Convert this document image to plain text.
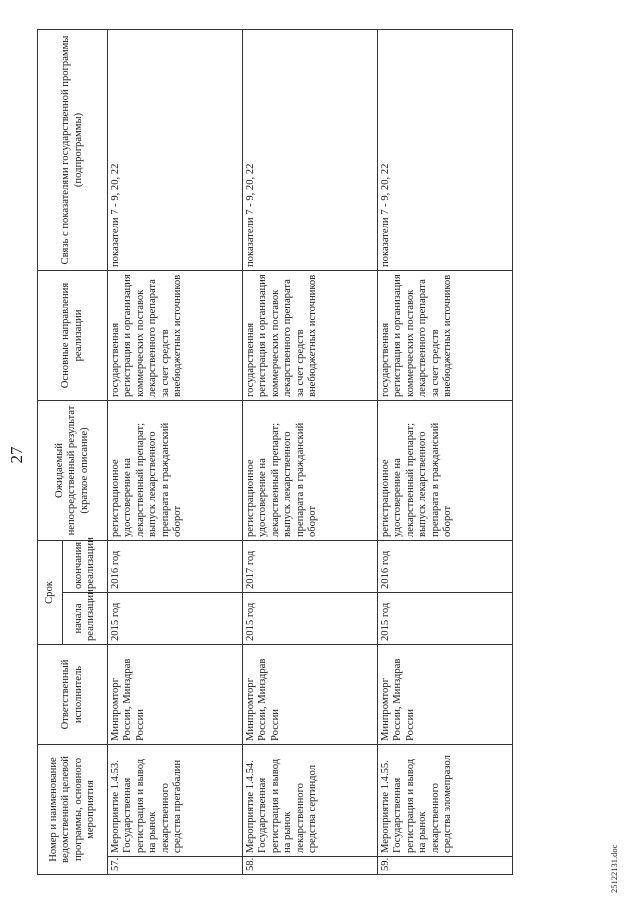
27
Номер и наименование ведомственной целевой программы, основного мероприятия		Ответственный исполнитель	Срок		Ожидаемый непосредственный результат (краткое описание)	Основные направления реализации	Связь с показателями государственной программы (подпрограммы)
			начала реализации	окончания реализации			
57.	Мероприятие 1.4.53. Государственная регистрация и вывод на рынок лекарственного средства прегабалин	Минпромторг России, Минздрав России	2015 год	2016 год	регистрационное удостоверение на лекарственный препарат; выпуск лекарственного препарата в гражданский оборот	государственная регистрация и организация коммерческих поставок лекарственного препарата за счет средств внебюджетных источников	показатели 7 - 9, 20, 22
58.	Мероприятие 1.4.54. Государственная регистрация и вывод на рынок лекарственного средства сертиндол	Минпромторг России, Минздрав России	2015 год	2017 год	регистрационное удостоверение на лекарственный препарат; выпуск лекарственного препарата в гражданский оборот	государственная регистрация и организация коммерческих поставок лекарственного препарата за счет средств внебюджетных источников	показатели 7 - 9, 20, 22
59.	Мероприятие 1.4.55. Государственная регистрация и вывод на рынок лекарственного средства эломепразол	Минпромторг России, Минздрав России	2015 год	2016 год	регистрационное удостоверение на лекарственный препарат; выпуск лекарственного препарата в гражданский оборот	государственная регистрация и организация коммерческих поставок лекарственного препарата за счет средств внебюджетных источников	показатели 7 - 9, 20, 22
25122131.doc
